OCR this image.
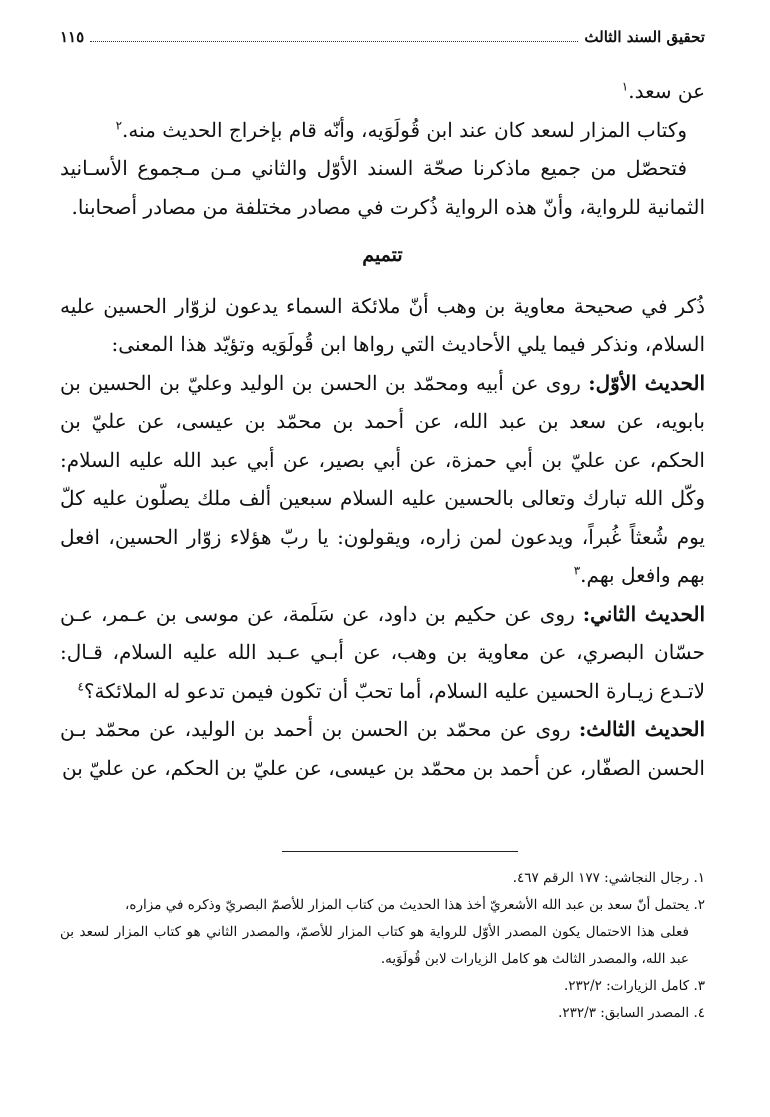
تحقيق السند الثالث
١١٥

عن سعد.$^١$

وكتاب المزار لسعد كان عند ابن قُولَوَيه، وأنّه قام بإخراج الحديث منه.$^٢$

فتحصّل من جميع ماذكرنا صحّة السند الأوّل والثاني مـن مـجموع الأسـانيد الثمانية للرواية، وأنّ هذه الرواية ذُكرت في مصادر مختلفة من مصادر أصحابنا.

تتميم

ذُكر في صحيحة معاوية بن وهب أنّ ملائكة السماء يدعون لزوّار الحسين‏ عليه السلام، ونذكر فيما يلي الأحاديث التي رواها ابن قُولَوَيه وتؤيّد هذا المعنى:

الحديث الأوّل: روى عن أبيه ومحمّد بن الحسن بن الوليد وعليّ بن الحسين بن بابويه، عن سعد بن عبد الله، عن أحمد بن محمّد بن عيسى، عن عليّ بن الحكم، عن عليّ بن أبي حمزة، عن أبي بصير، عن أبي عبد الله‏ عليه السلام: وكّل الله تبارك وتعالى بالحسين‏ عليه السلام سبعين ألف ملك يصلّون عليه كلّ يوم شُعثاً غُبراً، ويدعون لمن زاره، ويقولون: يا ربّ هؤلاء زوّار الحسين، افعل بهم وافعل بهم.$^٣$

الحديث الثاني: روى عن حكيم بن داود، عن سَلَمة، عن موسى بن عـمر، عـن حسّان البصري، عن معاوية بن وهب، عن أبـي عـبد الله‏ عليه السلام، قـال: لاتـدع زيـارة الحسين‏ عليه السلام، أما تحبّ أن تكون فيمن تدعو له الملائكة؟$^٤$

الحديث الثالث: روى عن محمّد بن الحسن بن أحمد بن الوليد، عن محمّد بـن الحسن الصفّار، عن أحمد بن محمّد بن عيسى، عن عليّ بن الحكم، عن عليّ بن

١. رجال النجاشي: ١٧٧ الرقم ٤٦٧.

٢. يحتمل أنّ سعد بن عبد الله الأشعريّ أخذ هذا الحديث من كتاب المزار للأصمّ البصريّ وذكره في مزاره،

فعلى هذا الاحتمال يكون المصدر الأوّل للرواية هو كتاب المزار للأصمّ، والمصدر الثاني هو كتاب المزار لسعد بن عبد الله، والمصدر الثالث هو كامل الزيارات لابن قُولَوَيه.

٣. كامل الزيارات: ٢٣٢/٢.

٤. المصدر السابق: ٢٣٢/٣.
